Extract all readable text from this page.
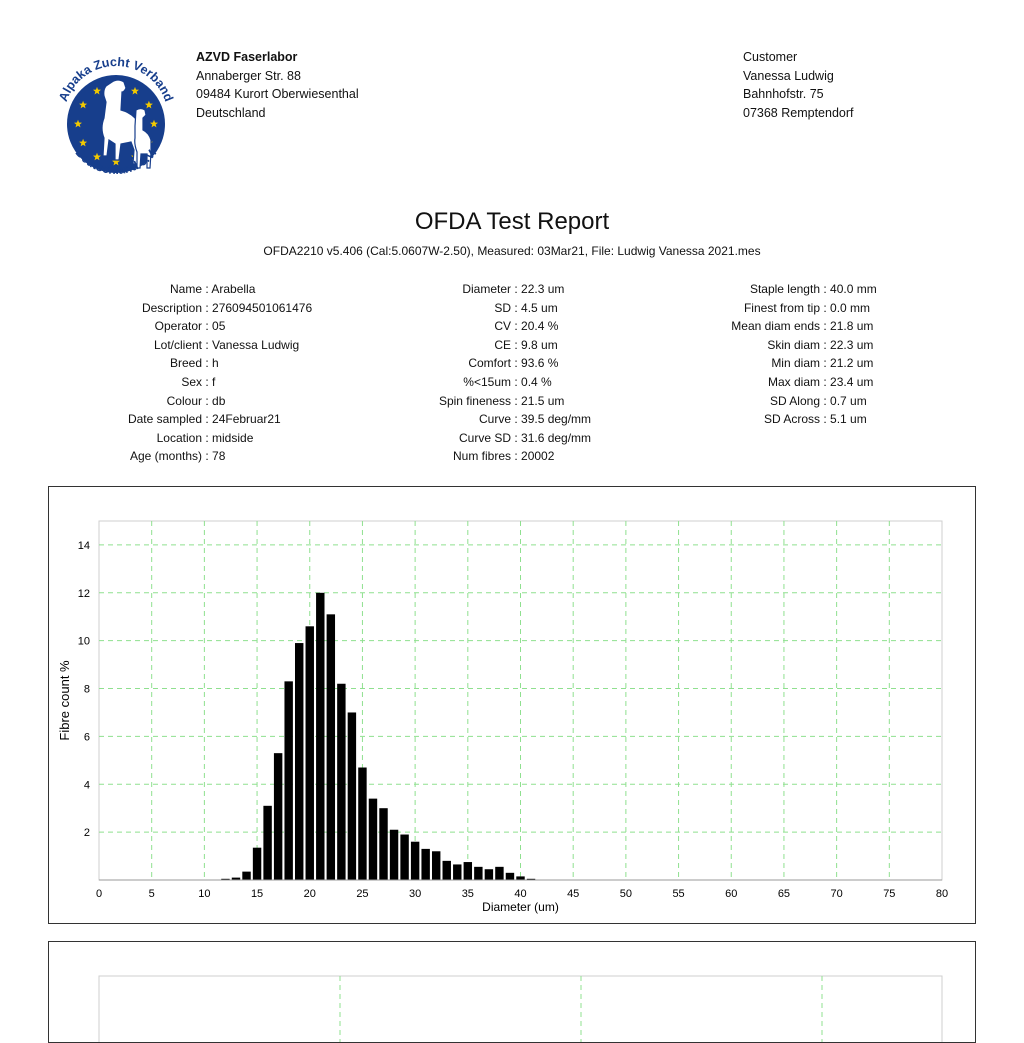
Alpaka Zucht Verband
Deutschland e.V.
AZVD Faserlabor
Annaberger Str. 88
09484 Kurort Oberwiesenthal
Deutschland
Customer
Vanessa Ludwig
Bahnhofstr. 75
07368 Remptendorf
OFDA Test Report
OFDA2210 v5.406 (Cal:5.0607W-2.50), Measured: 03Mar21, File: Ludwig Vanessa 2021.mes
Name : Arabella
Description : 276094501061476
Operator : 05
Lot/client : Vanessa Ludwig
Breed : h
Sex : f
Colour : db
Date sampled : 24Februar21
Location : midside
Age (months) : 78
Diameter : 22.3 um
SD : 4.5 um
CV : 20.4 %
CE : 9.8 um
Comfort : 93.6 %
%<15um : 0.4 %
Spin fineness : 21.5 um
Curve : 39.5 deg/mm
Curve SD : 31.6 deg/mm
Num fibres : 20002
Staple length : 40.0 mm
Finest from tip : 0.0 mm
Mean diam ends : 21.8 um
Skin diam : 22.3 um
Min diam : 21.2 um
Max diam : 23.4 um
SD Along : 0.7 um
SD Across : 5.1 um
0	5	10	15	20	25	30	35	40	45	50	55	60	65	70	75	80
2
4
6
8
10
12
14
Diameter (um)
Fibre count %
